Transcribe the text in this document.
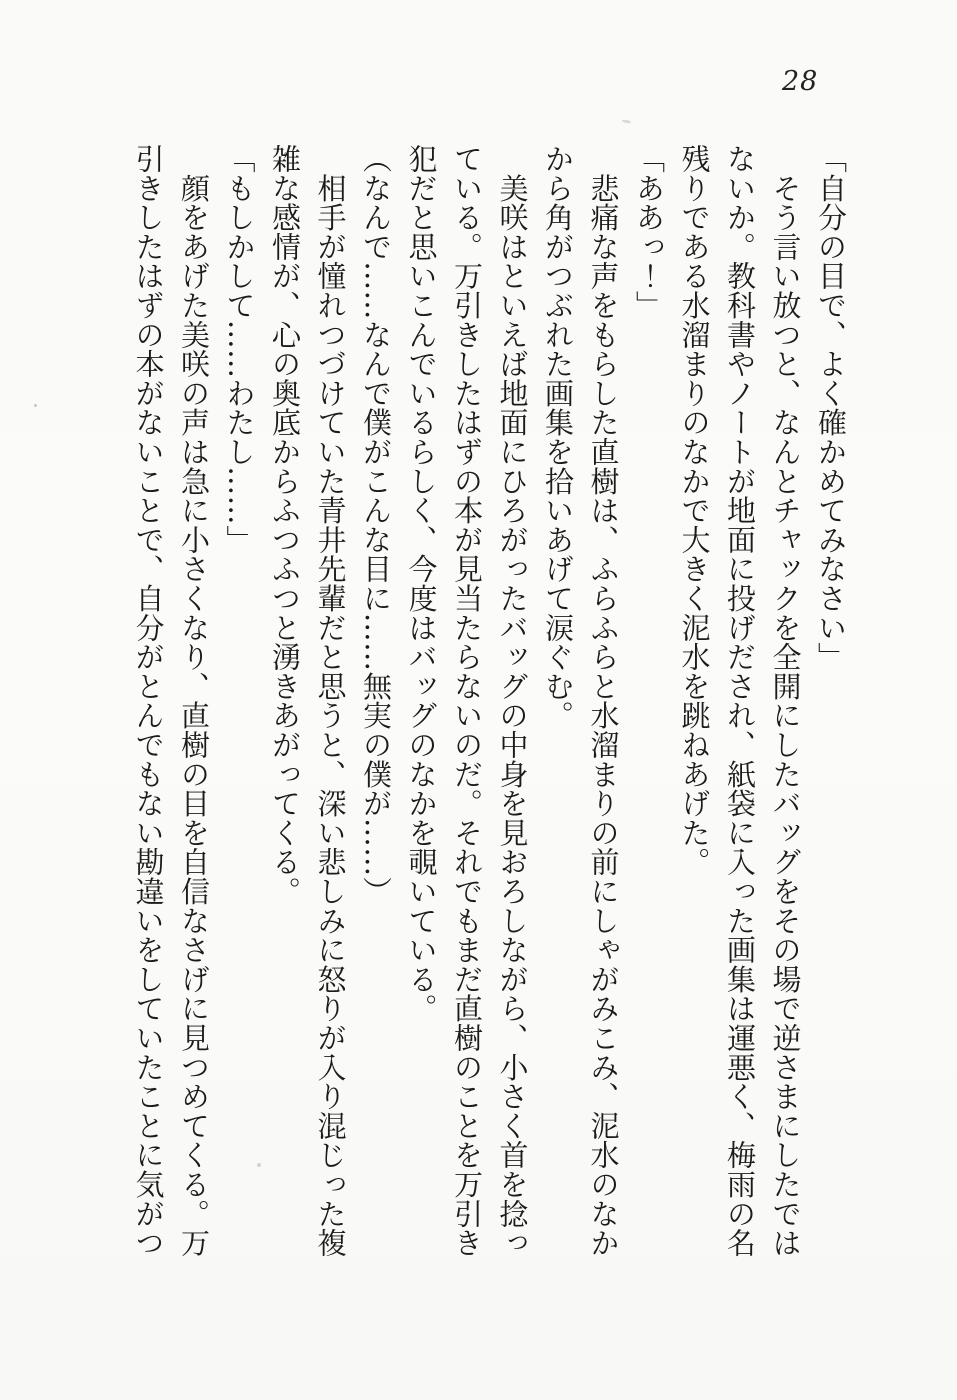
28

「自分の目で、よく確かめてみなさい」

　そう言い放つと、なんとチャックを全開にしたバッグをその場で逆さまにしたでは

ないか。教科書やノートが地面に投げだされ、紙袋に入った画集は運悪く、梅雨の名

残りである水溜まりのなかで大きく泥水を跳ねあげた。

「ああっ！」

　悲痛な声をもらした直樹は、ふらふらと水溜まりの前にしゃがみこみ、泥水のなか

から角がつぶれた画集を拾いあげて涙ぐむ。

　美咲はといえば地面にひろがったバッグの中身を見おろしながら、小さく首を捻っ

ている。万引きしたはずの本が見当たらないのだ。それでもまだ直樹のことを万引き

犯だと思いこんでいるらしく、今度はバッグのなかを覗いている。

（なんで……なんで僕がこんな目に……無実の僕が……）

　相手が憧れつづけていた青井先輩だと思うと、深い悲しみに怒りが入り混じった複

雑な感情が、心の奥底からふつふつと湧きあがってくる。

「もしかして……わたし……」

　顔をあげた美咲の声は急に小さくなり、直樹の目を自信なさげに見つめてくる。万

引きしたはずの本がないことで、自分がとんでもない勘違いをしていたことに気がつ
